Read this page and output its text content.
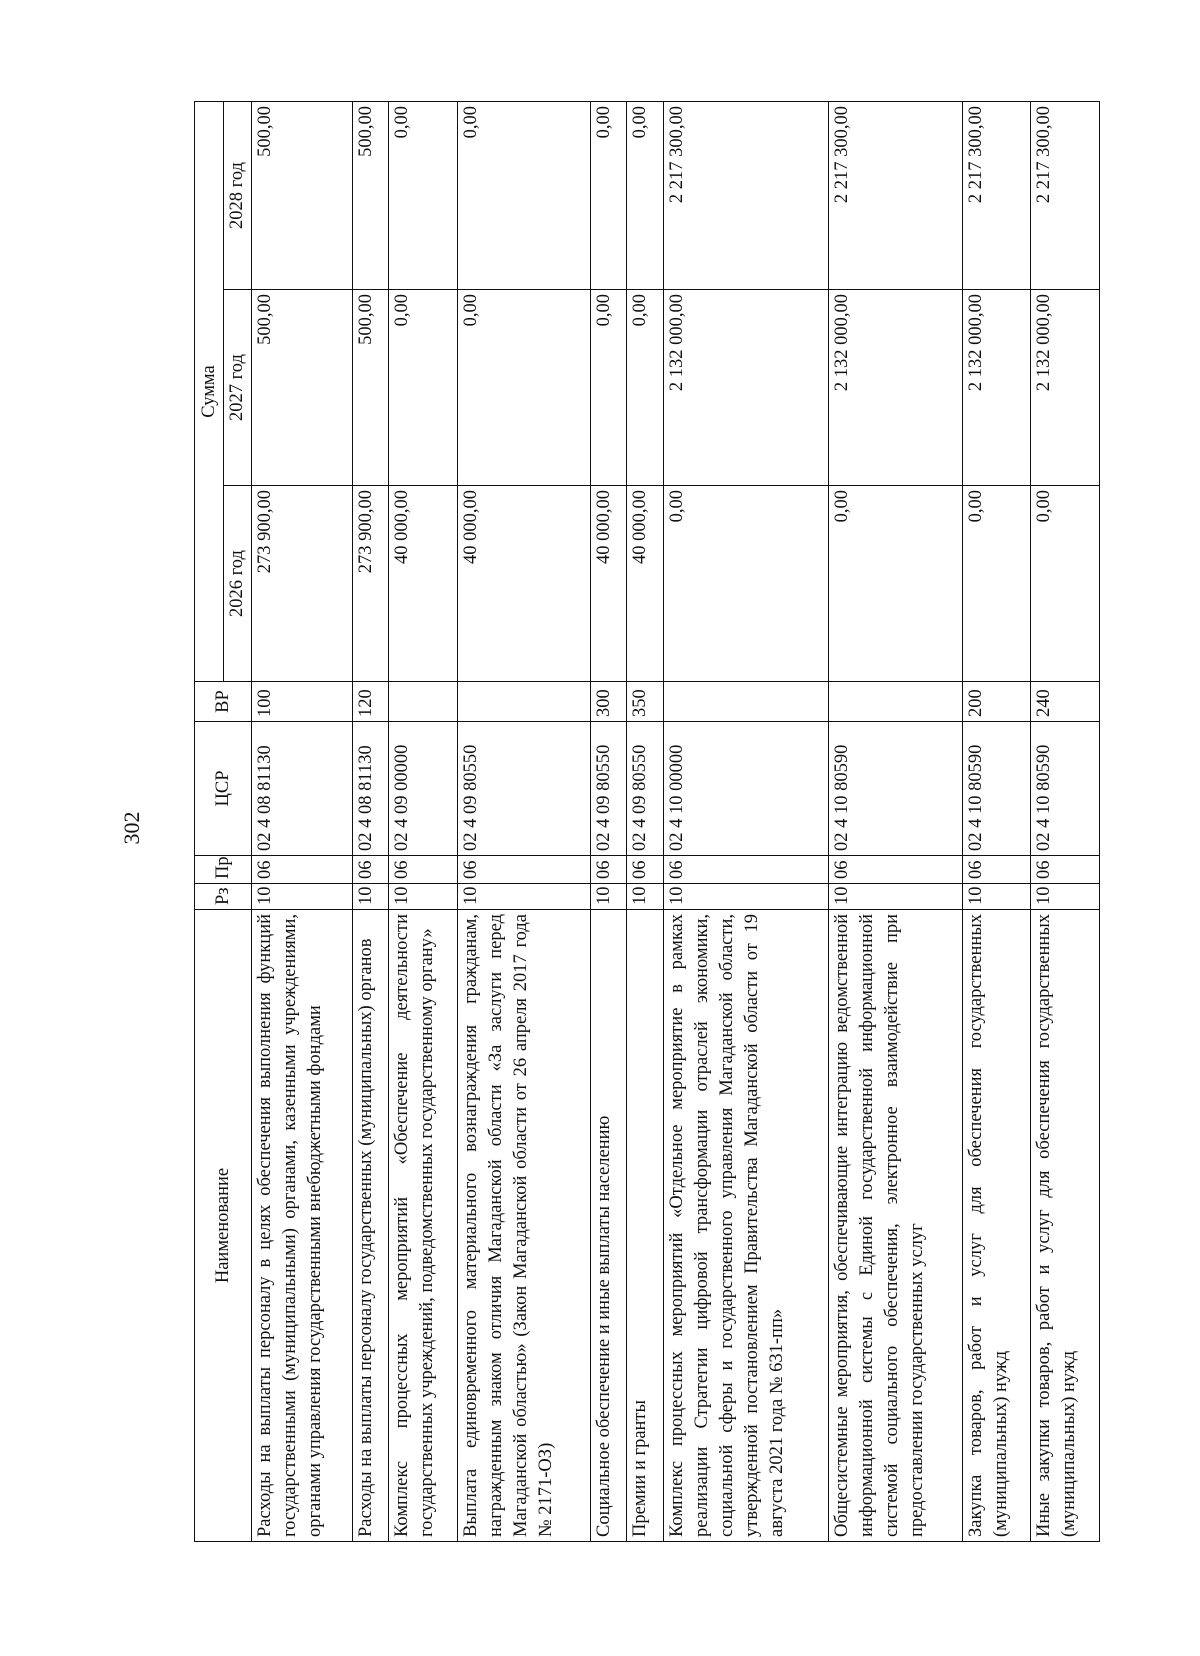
302
Наименование	Рз	Пр	ЦСР	ВР	Сумма		
					2026 год	2027 год	2028 год
Расходы на выплаты персоналу в целях обеспечения выполнения функций государственными (муниципальными) органами, казенными учреждениями, органами управления государственными внебюджетными фондами	10	06	02 4 08 81130	100	273 900,00	500,00	500,00
Расходы на выплаты персоналу государственных (муниципальных) органов	10	06	02 4 08 81130	120	273 900,00	500,00	500,00
Комплекс процессных мероприятий «Обеспечение деятельности государственных учреждений, подведомственных государственному органу»	10	06	02 4 09 00000		40 000,00	0,00	0,00
Выплата единовременного материального вознаграждения гражданам, награжденным знаком отличия Магаданской области «За заслуги перед Магаданской областью» (Закон Магаданской области от 26 апреля 2017 года № 2171-ОЗ)	10	06	02 4 09 80550		40 000,00	0,00	0,00
Социальное обеспечение и иные выплаты населению	10	06	02 4 09 80550	300	40 000,00	0,00	0,00
Премии и гранты	10	06	02 4 09 80550	350	40 000,00	0,00	0,00
Комплекс процессных мероприятий «Отдельное мероприятие в рамках реализации Стратегии цифровой трансформации отраслей экономики, социальной сферы и государственного управления Магаданской области, утвержденной постановлением Правительства Магаданской области от 19 августа 2021 года № 631-пп»	10	06	02 4 10 00000		0,00	2 132 000,00	2 217 300,00
Общесистемные мероприятия, обеспечивающие интеграцию ведомственной информационной системы с Единой государственной информационной системой социального обеспечения, электронное взаимодействие при предоставлении государственных услуг	10	06	02 4 10 80590		0,00	2 132 000,00	2 217 300,00
Закупка товаров, работ и услуг для обеспечения государственных (муниципальных) нужд	10	06	02 4 10 80590	200	0,00	2 132 000,00	2 217 300,00
Иные закупки товаров, работ и услуг для обеспечения государственных (муниципальных) нужд	10	06	02 4 10 80590	240	0,00	2 132 000,00	2 217 300,00
